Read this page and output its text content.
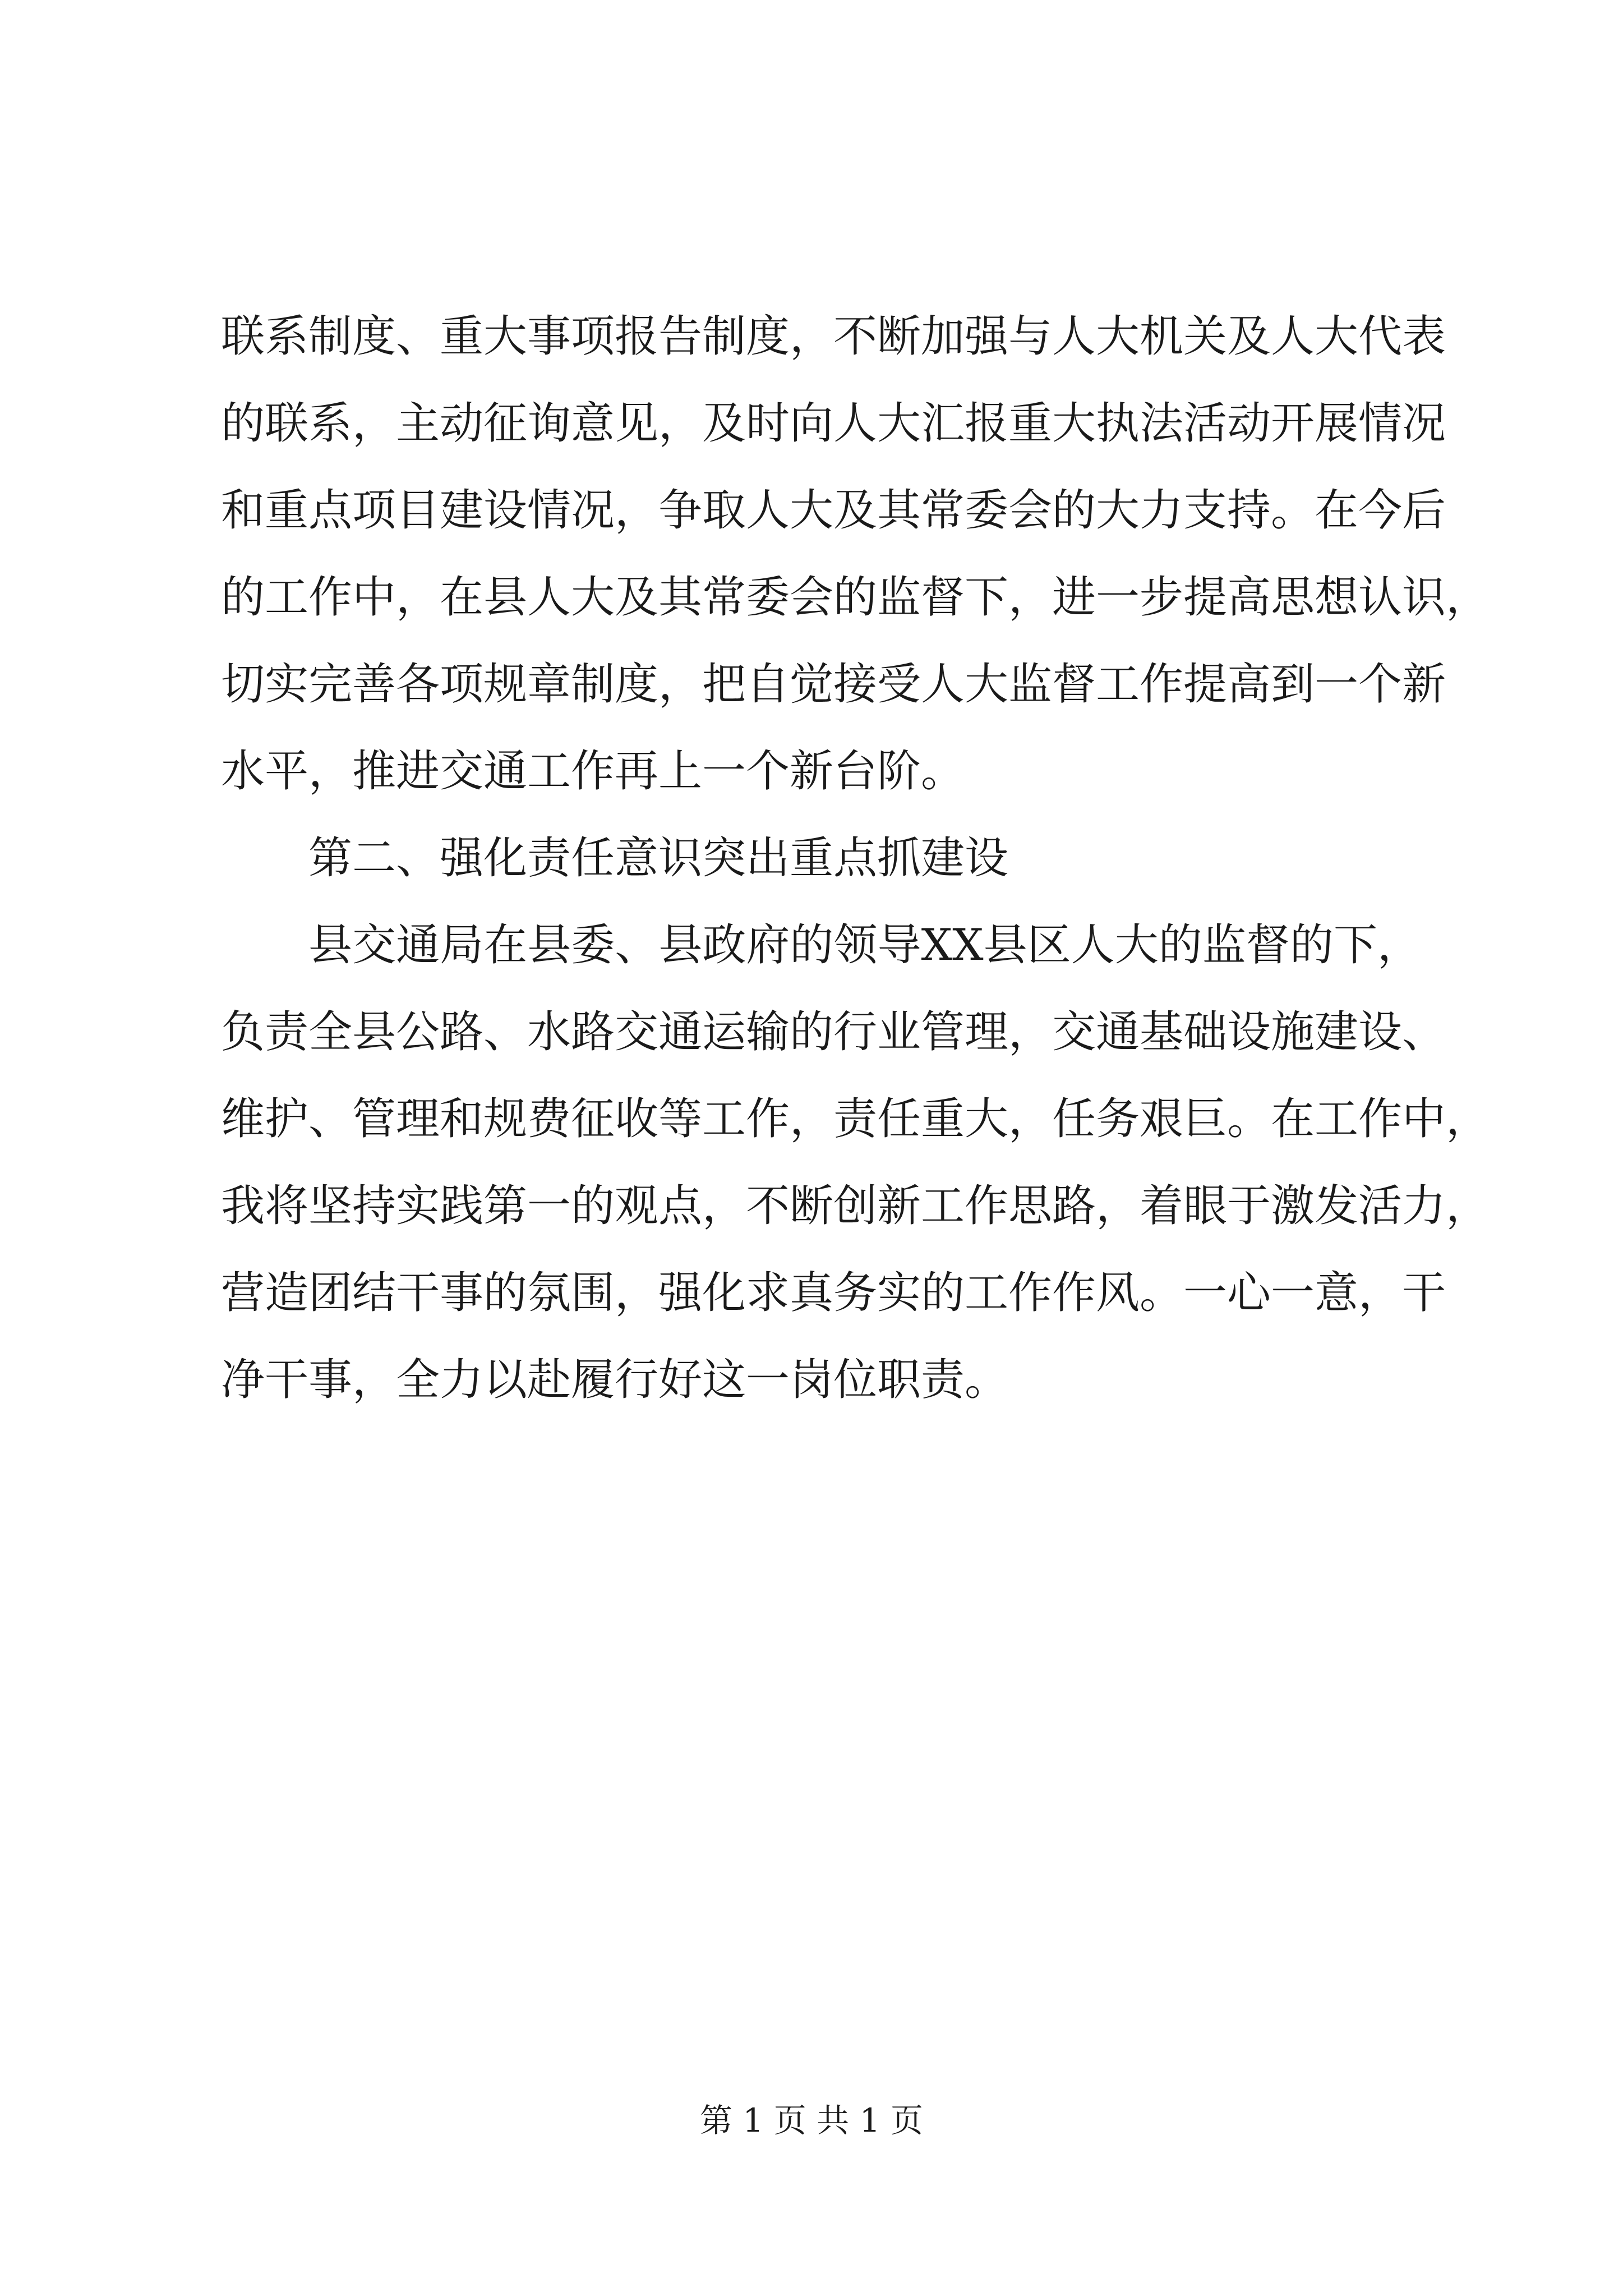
联系制度、重大事项报告制度，不断加强与人大机关及人大代表
的联系，主动征询意见，及时向人大汇报重大执法活动开展情况
和重点项目建设情况，争取人大及其常委会的大力支持。在今后
的工作中，在县人大及其常委会的监督下，进一步提高思想认识，
切实完善各项规章制度，把自觉接受人大监督工作提高到一个新
水平，推进交通工作再上一个新台阶。
第二、强化责任意识突出重点抓建设
县交通局在县委、县政府的领导XX县区人大的监督的下，
负责全县公路、水路交通运输的行业管理，交通基础设施建设、
维护、管理和规费征收等工作，责任重大，任务艰巨。在工作中，
我将坚持实践第一的观点，不断创新工作思路，着眼于激发活力，
营造团结干事的氛围，强化求真务实的工作作风。一心一意，干
净干事，全力以赴履行好这一岗位职责。
第 1 页 共 1 页
